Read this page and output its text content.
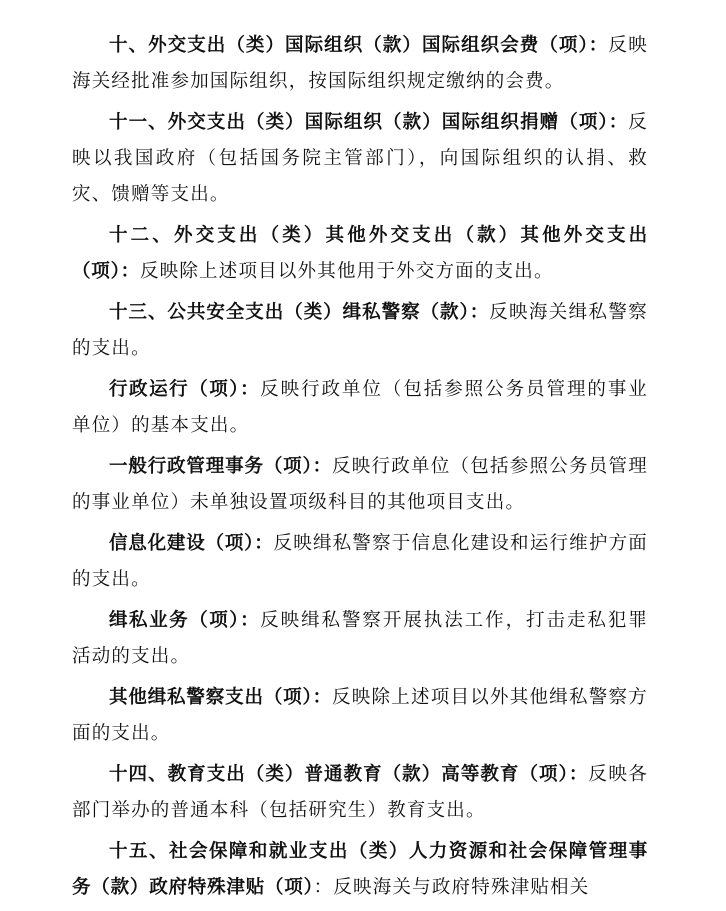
十、外交支出（类）国际组织（款）国际组织会费（项）：反映海关经批准参加国际组织，按国际组织规定缴纳的会费。

十一、外交支出（类）国际组织（款）国际组织捐赠（项）：反映以我国政府（包括国务院主管部门），向国际组织的认捐、救灾、馈赠等支出。

十二、外交支出（类）其他外交支出（款）其他外交支出（项）：反映除上述项目以外其他用于外交方面的支出。

十三、公共安全支出（类）缉私警察（款）：反映海关缉私警察的支出。

行政运行（项）：反映行政单位（包括参照公务员管理的事业单位）的基本支出。

一般行政管理事务（项）：反映行政单位（包括参照公务员管理的事业单位）未单独设置项级科目的其他项目支出。

信息化建设（项）：反映缉私警察于信息化建设和运行维护方面的支出。

缉私业务（项）：反映缉私警察开展执法工作，打击走私犯罪活动的支出。

其他缉私警察支出（项）：反映除上述项目以外其他缉私警察方面的支出。

十四、教育支出（类）普通教育（款）高等教育（项）：反映各部门举办的普通本科（包括研究生）教育支出。

十五、社会保障和就业支出（类）人力资源和社会保障管理事务（款）政府特殊津贴（项）：反映海关与政府特殊津贴相关
